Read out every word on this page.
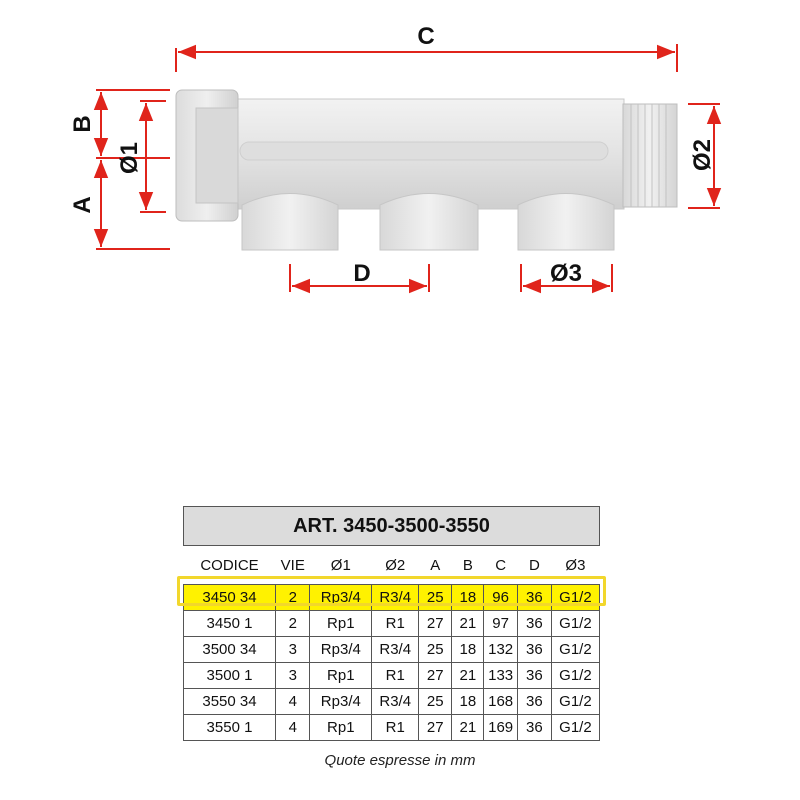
C
B
A
Ø1	Ø2
D	Ø3
ART. 3450-3500-3550								
CODICE	VIE	Ø1	Ø2	A	B	C	D	Ø3
3450 34	2	Rp3/4	R3/4	25	18	96	36	G1/2
3450 1	2	Rp1	R1	27	21	97	36	G1/2
3500 34	3	Rp3/4	R3/4	25	18	132	36	G1/2
3500 1	3	Rp1	R1	27	21	133	36	G1/2
3550 34	4	Rp3/4	R3/4	25	18	168	36	G1/2
3550 1	4	Rp1	R1	27	21	169	36	G1/2
Quote espresse in mm
